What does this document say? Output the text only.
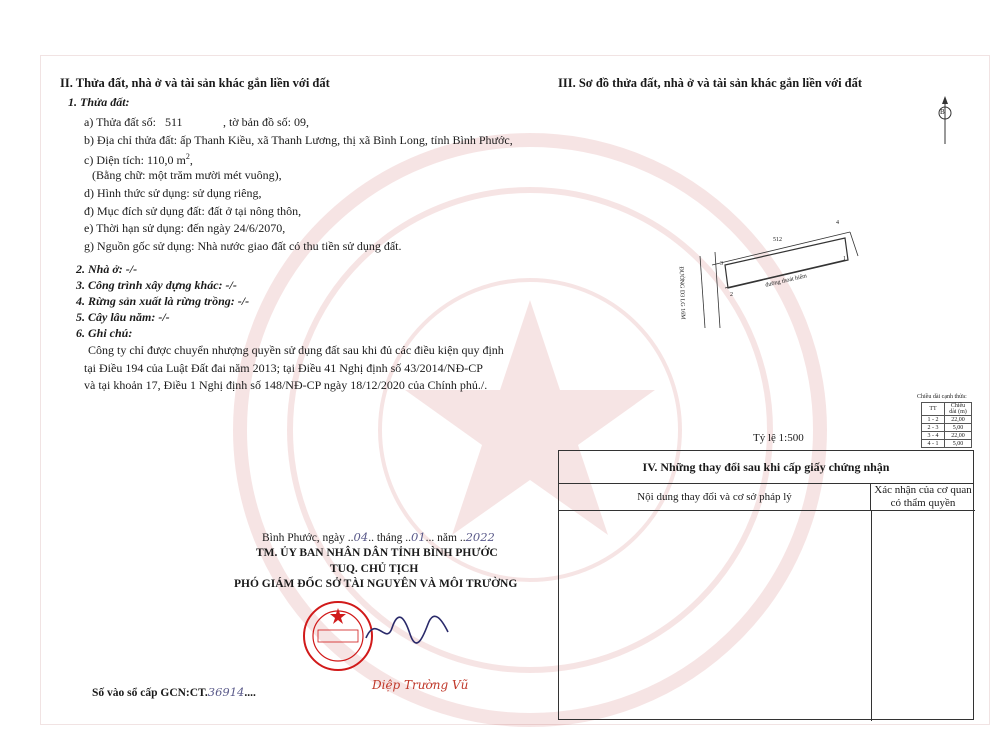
II. Thửa đất, nhà ở và tài sản khác gắn liền với đất
1. Thửa đất:
a) Thửa đất số: 511	, tờ bản đồ số: 09,
b) Địa chỉ thửa đất: ấp Thanh Kiều, xã Thanh Lương, thị xã Bình Long, tỉnh Bình Phước,
c) Diện tích: 110,0 $m^2$,
(Bằng chữ: một trăm mười mét vuông),
d) Hình thức sử dụng: sử dụng riêng,
đ) Mục đích sử dụng đất: đất ở tại nông thôn,
e) Thời hạn sử dụng: đến ngày 24/6/2070,
g) Nguồn gốc sử dụng: Nhà nước giao đất có thu tiền sử dụng đất.
2. Nhà ở: -/-
3. Công trình xây dựng khác: -/-
4. Rừng sản xuất là rừng trồng: -/-
5. Cây lâu năm: -/-
6. Ghi chú:
Công ty chỉ được chuyển nhượng quyền sử dụng đất sau khi đủ các điều kiện quy định
tại Điều 194 của Luật Đất đai năm 2013; tại Điều 41 Nghị định số 43/2014/NĐ-CP
và tại khoản 17, Điều 1 Nghị định số 148/NĐ-CP ngày 18/12/2020 của Chính phủ./.
Bình Phước, ngày ..04.. tháng ..01... năm ..2022
TM. ỦY BAN NHÂN DÂN TỈNH BÌNH PHƯỚC
TUQ. CHỦ TỊCH
PHÓ GIÁM ĐỐC SỞ TÀI NGUYÊN VÀ MÔI TRƯỜNG
Diệp Trường Vũ
Số vào sổ cấp GCN:CT.36914....
III. Sơ đồ thửa đất, nhà ở và tài sản khác gắn liền với đất
B
512
đường thoát hiểm
ĐƯỜNG D3 LG 16M
1
2
3
4
Chiều dài cạnh thửa:
TT	Chiều dài (m)
1 - 2	22,00
2 - 3	5,00
3 - 4	22,00
4 - 1	5,00
Tỷ lệ 1:500
IV. Những thay đổi sau khi cấp giấy chứng nhận
Nội dung thay đổi và cơ sở pháp lý
Xác nhận của cơ quan
có thẩm quyền
